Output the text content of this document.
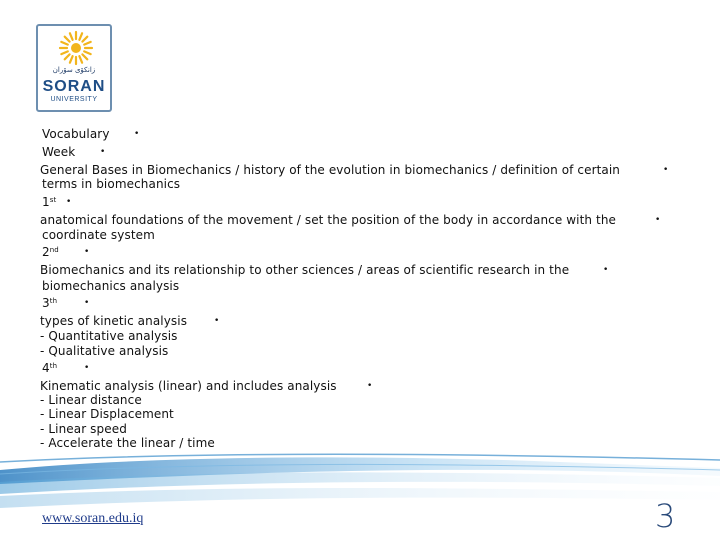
زانکۆی سۆران
SORAN
UNIVERSITY
Vocabulary	•
Week	•
General Bases in Biomechanics / history of the evolution in biomechanics / definition of certain	•
terms in biomechanics
1st •
anatomical foundations of the movement / set the position of the body in accordance with the	•
coordinate system
2nd	•
Biomechanics and its relationship to other sciences / areas of scientific research in the	•
biomechanics analysis
3th	•
types of kinetic analysis	•
- Quantitative analysis
- Qualitative analysis
4th	•
Kinematic analysis (linear) and includes analysis	•
- Linear distance
- Linear Displacement
- Linear speed
- Accelerate the linear / time
www.soran.edu.iq	3
